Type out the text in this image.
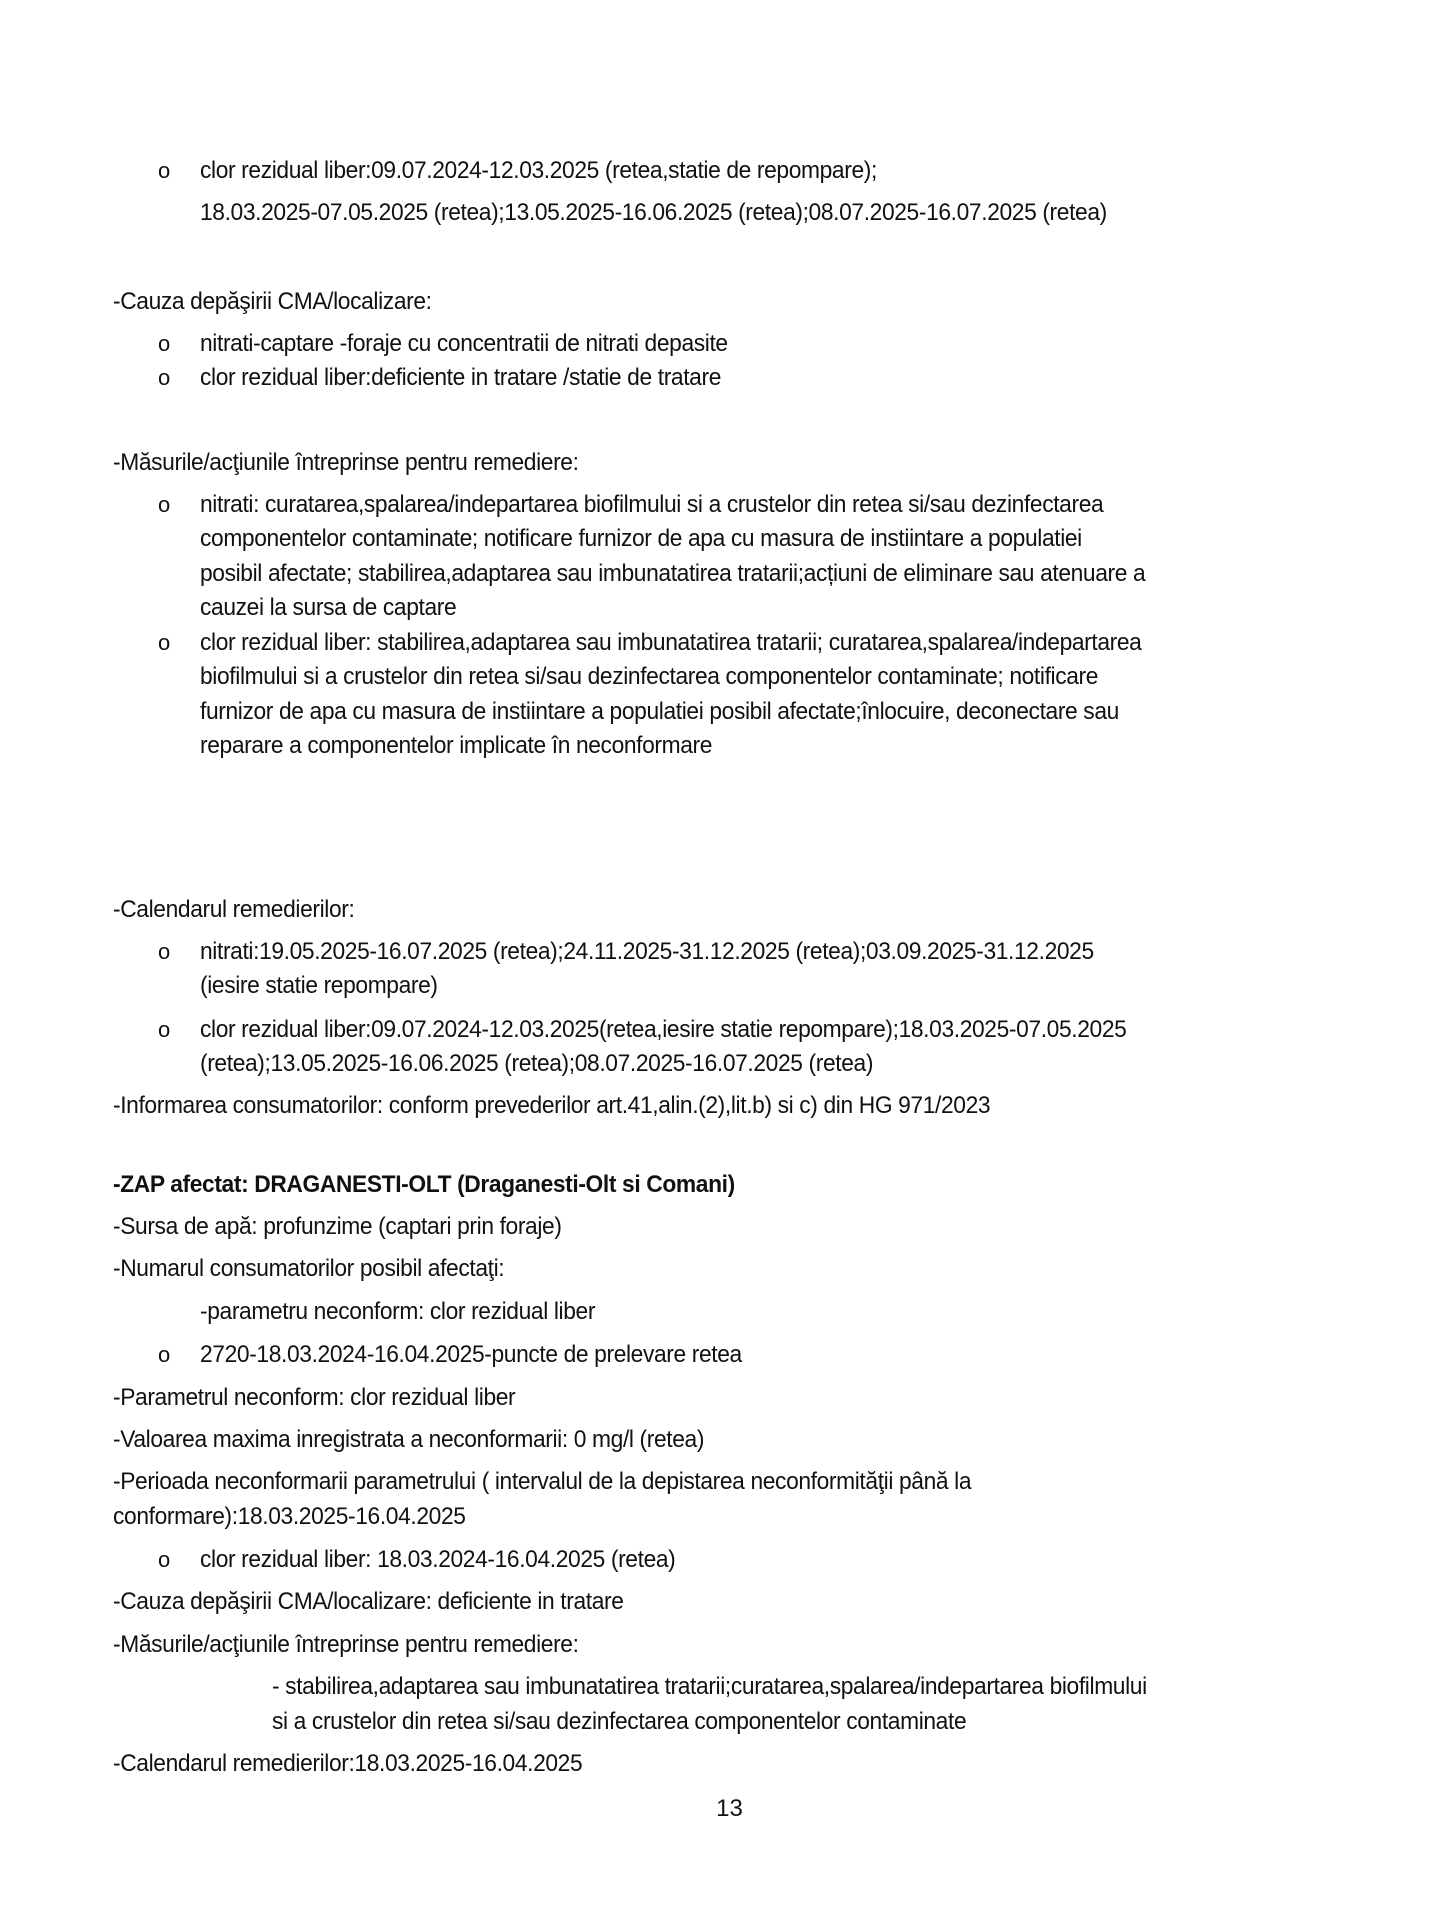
o clor rezidual liber:09.07.2024-12.03.2025 (retea,statie de repompare);
18.03.2025-07.05.2025 (retea);13.05.2025-16.06.2025 (retea);08.07.2025-16.07.2025 (retea)
-Cauza depăşirii CMA/localizare:
o nitrati-captare -foraje cu concentratii de nitrati depasite
o clor rezidual liber:deficiente in tratare /statie de tratare
-Măsurile/acţiunile întreprinse pentru remediere:
o nitrati: curatarea,spalarea/indepartarea biofilmului si a crustelor din retea si/sau dezinfectarea
componentelor contaminate; notificare furnizor de apa cu masura de instiintare a populatiei
posibil afectate; stabilirea,adaptarea sau imbunatatirea tratarii;acțiuni de eliminare sau atenuare a
cauzei la sursa de captare
o clor rezidual liber: stabilirea,adaptarea sau imbunatatirea tratarii; curatarea,spalarea/indepartarea
biofilmului si a crustelor din retea si/sau dezinfectarea componentelor contaminate; notificare
furnizor de apa cu masura de instiintare a populatiei posibil afectate;înlocuire, deconectare sau
reparare a componentelor implicate în neconformare
-Calendarul remedierilor:
o nitrati:19.05.2025-16.07.2025 (retea);24.11.2025-31.12.2025 (retea);03.09.2025-31.12.2025
(iesire statie repompare)
o clor rezidual liber:09.07.2024-12.03.2025(retea,iesire statie repompare);18.03.2025-07.05.2025
(retea);13.05.2025-16.06.2025 (retea);08.07.2025-16.07.2025 (retea)
-Informarea consumatorilor: conform prevederilor art.41,alin.(2),lit.b) si c) din HG 971/2023
-ZAP afectat: DRAGANESTI-OLT (Draganesti-Olt si Comani)
-Sursa de apă: profunzime (captari prin foraje)
-Numarul consumatorilor posibil afectaţi:
-parametru neconform: clor rezidual liber
o 2720-18.03.2024-16.04.2025-puncte de prelevare retea
-Parametrul neconform: clor rezidual liber
-Valoarea maxima inregistrata a neconformarii: 0 mg/l (retea)
-Perioada neconformarii parametrului ( intervalul de la depistarea neconformităţii până la
conformare):18.03.2025-16.04.2025
o clor rezidual liber: 18.03.2024-16.04.2025 (retea)
-Cauza depăşirii CMA/localizare: deficiente in tratare
-Măsurile/acţiunile întreprinse pentru remediere:
- stabilirea,adaptarea sau imbunatatirea tratarii;curatarea,spalarea/indepartarea biofilmului
si a crustelor din retea si/sau dezinfectarea componentelor contaminate
-Calendarul remedierilor:18.03.2025-16.04.2025
13
